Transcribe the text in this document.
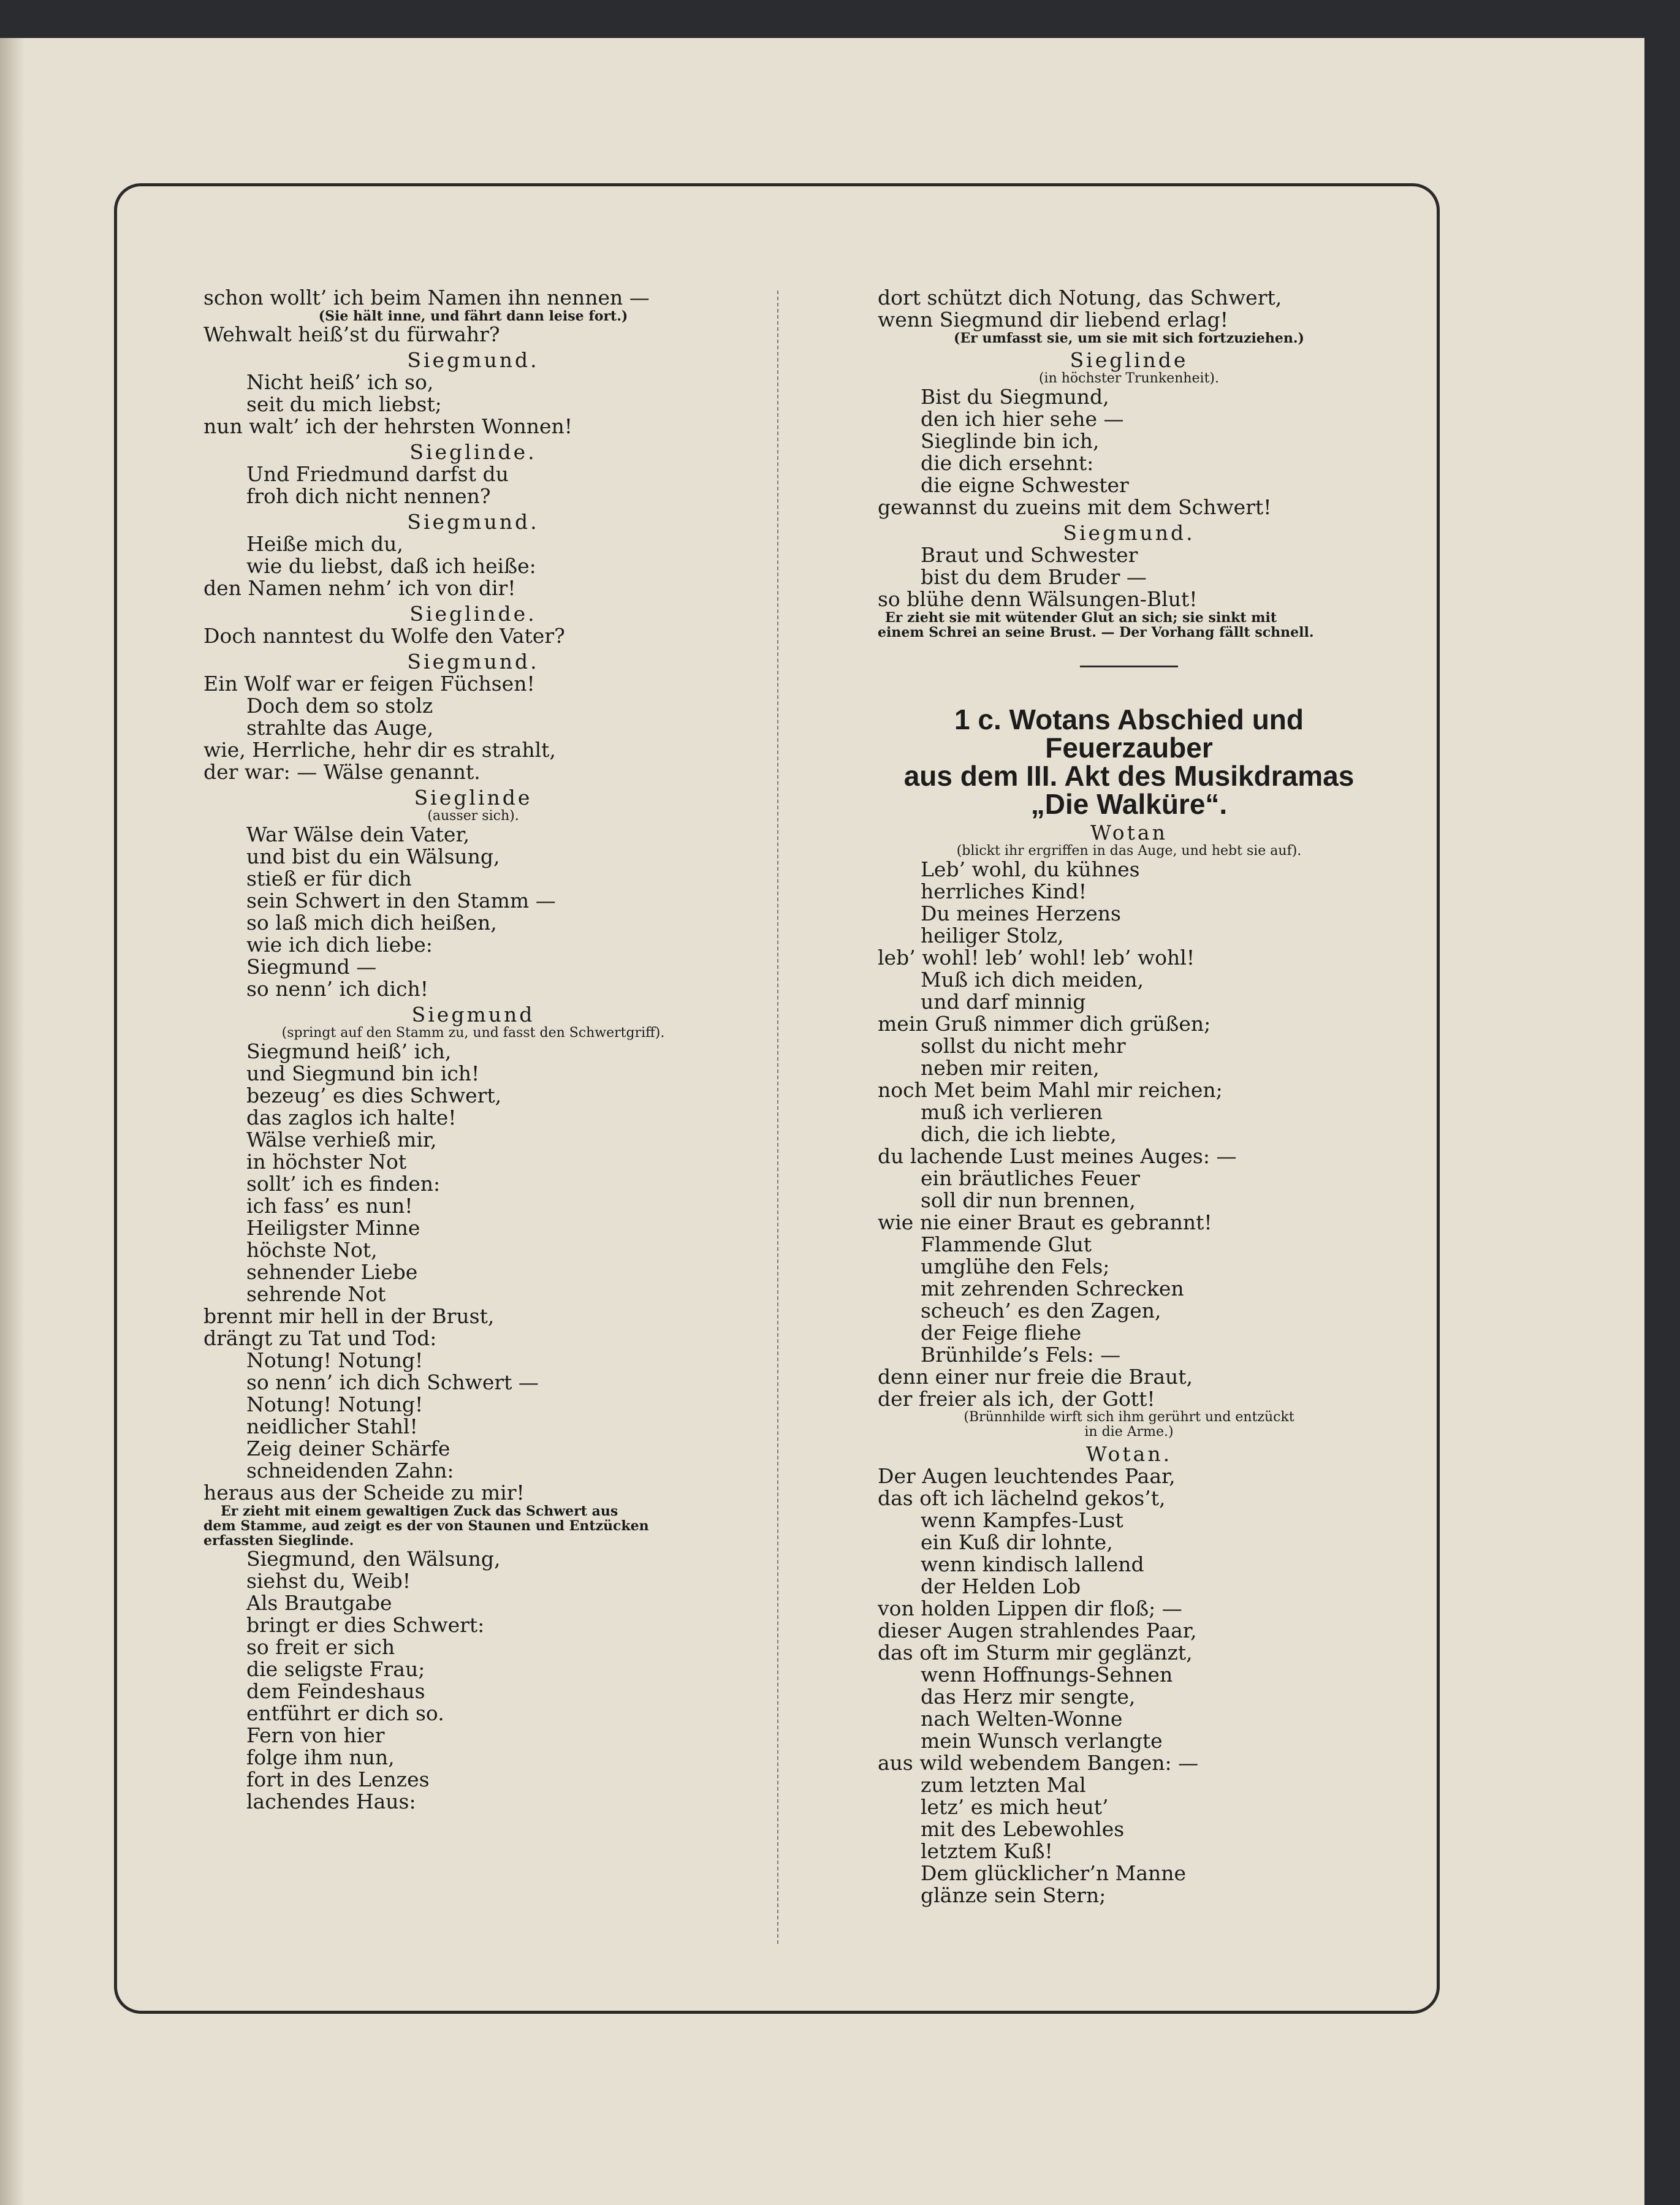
schon wollt’ ich beim Namen ihn nennen —
(Sie hält inne, und fährt dann leise fort.)
Wehwalt heiß’st du fürwahr?
Siegmund.
Nicht heiß’ ich so,
seit du mich liebst;
nun walt’ ich der hehrsten Wonnen!
Sieglinde.
Und Friedmund darfst du
froh dich nicht nennen?
Siegmund.
Heiße mich du,
wie du liebst, daß ich heiße:
den Namen nehm’ ich von dir!
Sieglinde.
Doch nanntest du Wolfe den Vater?
Siegmund.
Ein Wolf war er feigen Füchsen!
Doch dem so stolz
strahlte das Auge,
wie, Herrliche, hehr dir es strahlt,
der war: — Wälse genannt.
Sieglinde
(ausser sich).
War Wälse dein Vater,
und bist du ein Wälsung,
stieß er für dich
sein Schwert in den Stamm —
so laß mich dich heißen,
wie ich dich liebe:
Siegmund —
so nenn’ ich dich!
Siegmund
(springt auf den Stamm zu, und fasst den Schwertgriff).
Siegmund heiß’ ich,
und Siegmund bin ich!
bezeug’ es dies Schwert,
das zaglos ich halte!
Wälse verhieß mir,
in höchster Not
sollt’ ich es finden:
ich fass’ es nun!
Heiligster Minne
höchste Not,
sehnender Liebe
sehrende Not
brennt mir hell in der Brust,
drängt zu Tat und Tod:
Notung! Notung!
so nenn’ ich dich Schwert —
Notung! Notung!
neidlicher Stahl!
Zeig deiner Schärfe
schneidenden Zahn:
heraus aus der Scheide zu mir!
Er zieht mit einem gewaltigen Zuck das Schwert aus
dem Stamme, aud zeigt es der von Staunen und Entzücken
erfassten Sieglinde.
Siegmund, den Wälsung,
siehst du, Weib!
Als Brautgabe
bringt er dies Schwert:
so freit er sich
die seligste Frau;
dem Feindeshaus
entführt er dich so.
Fern von hier
folge ihm nun,
fort in des Lenzes
lachendes Haus:
dort schützt dich Notung, das Schwert,
wenn Siegmund dir liebend erlag!
(Er umfasst sie, um sie mit sich fortzuziehen.)
Sieglinde
(in höchster Trunkenheit).
Bist du Siegmund,
den ich hier sehe —
Sieglinde bin ich,
die dich ersehnt:
die eigne Schwester
gewannst du zueins mit dem Schwert!
Siegmund.
Braut und Schwester
bist du dem Bruder —
so blühe denn Wälsungen-Blut!
Er zieht sie mit wütender Glut an sich; sie sinkt mit
einem Schrei an seine Brust. — Der Vorhang fällt schnell.
1 c. Wotans Abschied und Feuerzauber
aus dem III. Akt des Musikdramas
„Die Walküre“.
Wotan
(blickt ihr ergriffen in das Auge, und hebt sie auf).
Leb’ wohl, du kühnes
herrliches Kind!
Du meines Herzens
heiliger Stolz,
leb’ wohl! leb’ wohl! leb’ wohl!
Muß ich dich meiden,
und darf minnig
mein Gruß nimmer dich grüßen;
sollst du nicht mehr
neben mir reiten,
noch Met beim Mahl mir reichen;
muß ich verlieren
dich, die ich liebte,
du lachende Lust meines Auges: —
ein bräutliches Feuer
soll dir nun brennen,
wie nie einer Braut es gebrannt!
Flammende Glut
umglühe den Fels;
mit zehrenden Schrecken
scheuch’ es den Zagen,
der Feige fliehe
Brünhilde’s Fels: —
denn einer nur freie die Braut,
der freier als ich, der Gott!
(Brünnhilde wirft sich ihm gerührt und entzückt
in die Arme.)
Wotan.
Der Augen leuchtendes Paar,
das oft ich lächelnd gekos’t,
wenn Kampfes-Lust
ein Kuß dir lohnte,
wenn kindisch lallend
der Helden Lob
von holden Lippen dir floß; —
dieser Augen strahlendes Paar,
das oft im Sturm mir geglänzt,
wenn Hoffnungs-Sehnen
das Herz mir sengte,
nach Welten-Wonne
mein Wunsch verlangte
aus wild webendem Bangen: —
zum letzten Mal
letz’ es mich heut’
mit des Lebewohles
letztem Kuß!
Dem glücklicher’n Manne
glänze sein Stern;
